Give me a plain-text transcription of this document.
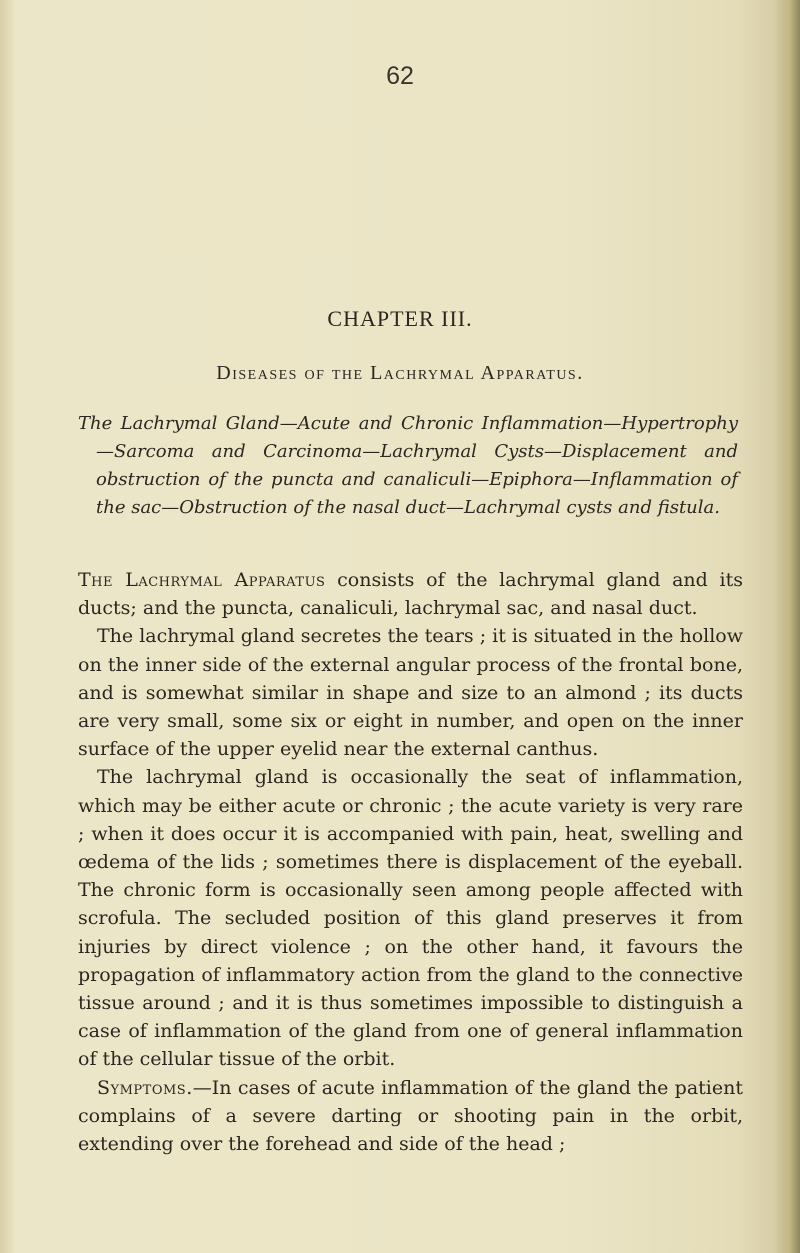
62
CHAPTER III.
Diseases of the Lachrymal Apparatus.

The Lachrymal Gland—Acute and Chronic Inflammation—Hypertrophy—Sarcoma and Carcinoma—Lachrymal Cysts—Displacement and obstruction of the puncta and canaliculi—Epiphora—Inflammation of the sac—Obstruction of the nasal duct—Lachrymal cysts and fistula.

The Lachrymal Apparatus consists of the lachrymal gland and its ducts; and the puncta, canaliculi, lachrymal sac, and nasal duct.

The lachrymal gland secretes the tears ; it is situated in the hollow on the inner side of the external angular process of the frontal bone, and is somewhat similar in shape and size to an almond ; its ducts are very small, some six or eight in number, and open on the inner surface of the upper eyelid near the external canthus.

The lachrymal gland is occasionally the seat of inflammation, which may be either acute or chronic ; the acute variety is very rare ; when it does occur it is accompanied with pain, heat, swelling and œdema of the lids ; sometimes there is displacement of the eyeball. The chronic form is occasionally seen among people affected with scrofula. The secluded position of this gland preserves it from injuries by direct violence ; on the other hand, it favours the propagation of inflammatory action from the gland to the connective tissue around ; and it is thus sometimes impossible to distinguish a case of inflammation of the gland from one of general inflammation of the cellular tissue of the orbit.

Symptoms.—In cases of acute inflammation of the gland the patient complains of a severe darting or shooting pain in the orbit, extending over the forehead and side of the head ;
